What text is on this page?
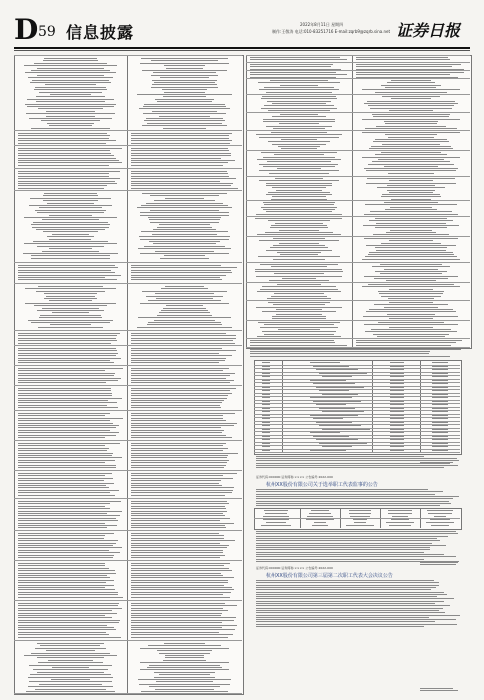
D 59 信息披露	2022年8月11日 星期四
制作:王敬涛 电话:010-83251716 E-mail:zqrb9@zqrb.sina.net 证券日报
证券代码:000000 证券简称:×××× 公告编号:2022-000
杭州XX股份有限公司关于选举职工代表监事的公告
证券代码:000000 证券简称:×××× 公告编号:2022-000
杭州XX股份有限公司第三届第二次职工代表大会决议公告
